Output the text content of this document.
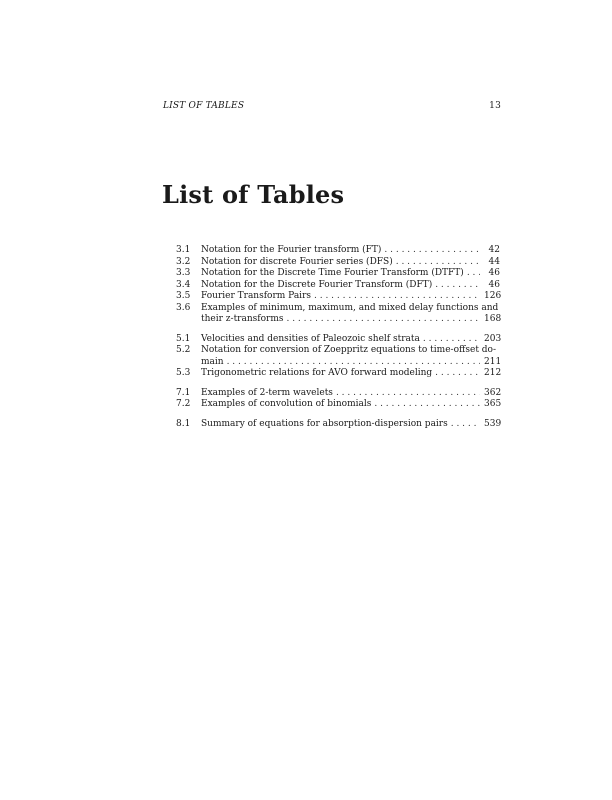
LIST OF TABLES	13
List of Tables
3.1	Notation for the Fourier transform (FT) . . .	42
3.2	Notation for discrete Fourier series (DFS) . . .	44
3.3	Notation for the Discrete Time Fourier Transform (DTFT) . . .	46
3.4	Notation for the Discrete Fourier Transform (DFT) . . .	46
3.5	Fourier Transform Pairs . . .	126
3.6	Examples of minimum, maximum, and mixed delay functions and
their z-transforms . . .	168
5.1	Velocities and densities of Paleozoic shelf strata . . .	203
5.2	Notation for conversion of Zoeppritz equations to time-offset do-
main . . .	211
5.3	Trigonometric relations for AVO forward modeling . . .	212
7.1	Examples of 2-term wavelets . . .	362
7.2	Examples of convolution of binomials . . .	365
8.1	Summary of equations for absorption-dispersion pairs . . .	539
